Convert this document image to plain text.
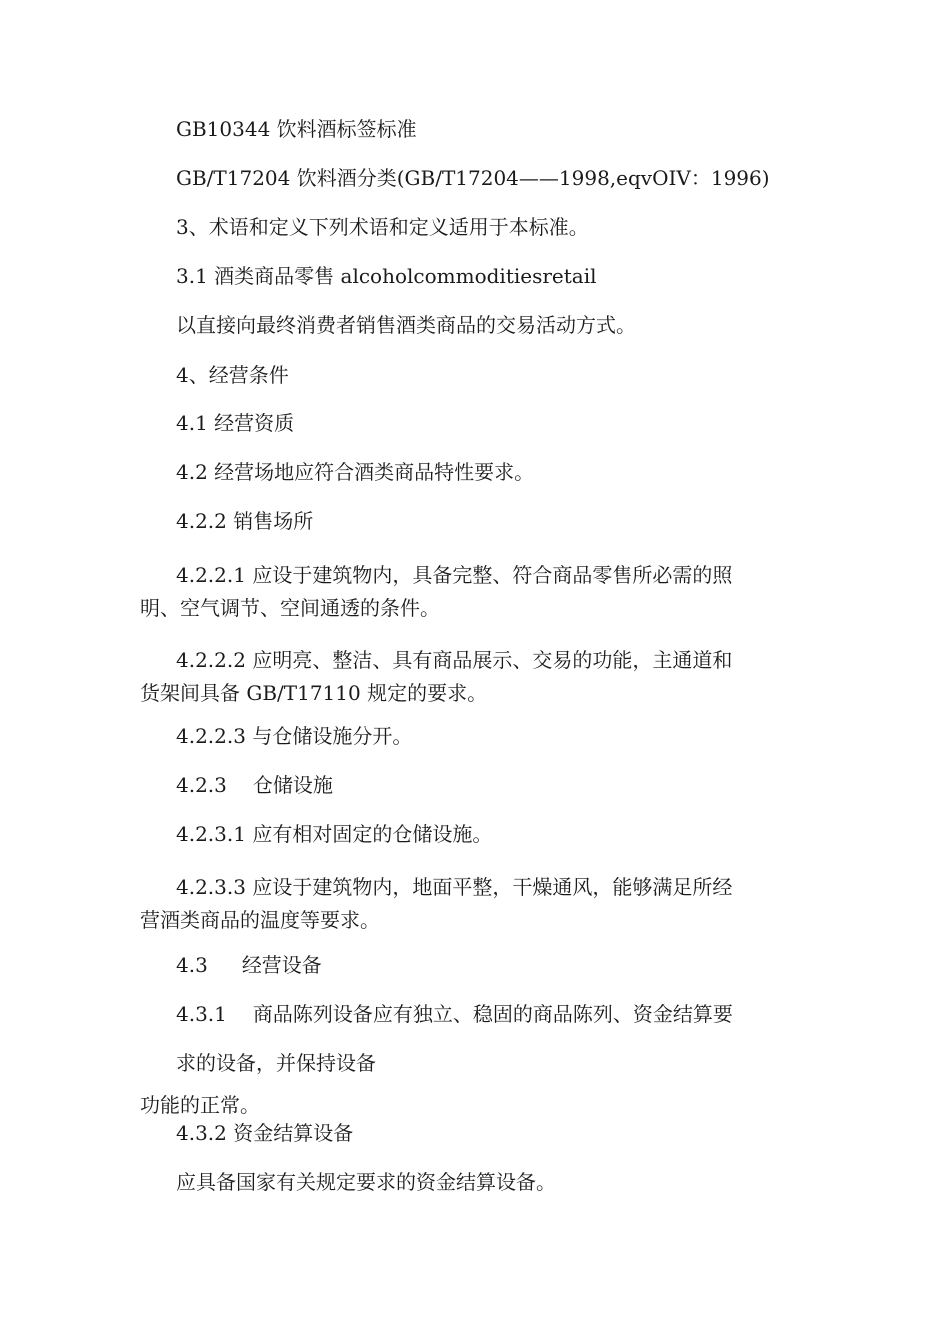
GB10344 饮料酒标签标准
GB/T17204 饮料酒分类(GB/T17204——1998,eqvOIV：1996)
3、术语和定义下列术语和定义适用于本标准。
3.1 酒类商品零售 alcoholcommoditiesretail
以直接向最终消费者销售酒类商品的交易活动方式。
4、经营条件
4.1 经营资质
4.2 经营场地应符合酒类商品特性要求。
4.2.2 销售场所
4.2.2.1 应设于建筑物内，具备完整、符合商品零售所必需的照
明、空气调节、空间通透的条件。
4.2.2.2 应明亮、整洁、具有商品展示、交易的功能，主通道和
货架间具备 GB/T17110 规定的要求。
4.2.2.3 与仓储设施分开。
4.2.3 仓储设施
4.2.3.1 应有相对固定的仓储设施。
4.2.3.3 应设于建筑物内，地面平整，干燥通风，能够满足所经
营酒类商品的温度等要求。
4.3 经营设备
4.3.1 商品陈列设备应有独立、稳固的商品陈列、资金结算要
求的设备，并保持设备
功能的正常。
4.3.2 资金结算设备
应具备国家有关规定要求的资金结算设备。
